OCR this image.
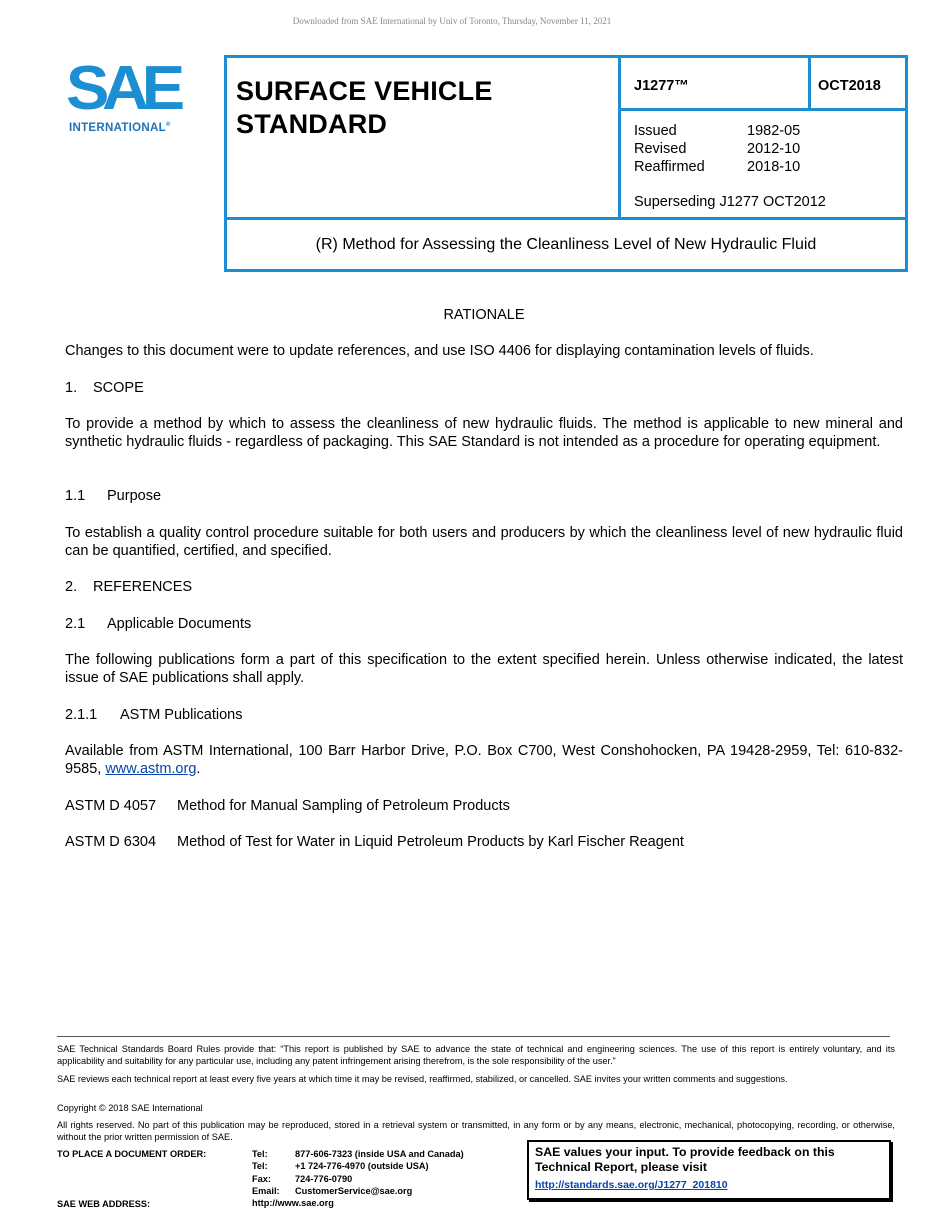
Downloaded from SAE International by Univ of Toronto, Thursday, November 11, 2021
SAE
INTERNATIONAL®
SURFACE VEHICLE
STANDARD
J1277™	OCT2018
Issued	1982-05
Revised	2012-10
Reaffirmed	2018-10
Superseding J1277 OCT2012
(R) Method for Assessing the Cleanliness Level of New Hydraulic Fluid

RATIONALE

Changes to this document were to update references, and use ISO 4406 for displaying contamination levels of fluids.

1. SCOPE

To provide a method by which to assess the cleanliness of new hydraulic fluids. The method is applicable to new mineral and synthetic hydraulic fluids - regardless of packaging. This SAE Standard is not intended as a procedure for operating equipment.

1.1 Purpose

To establish a quality control procedure suitable for both users and producers by which the cleanliness level of new hydraulic fluid can be quantified, certified, and specified.

2. REFERENCES

2.1 Applicable Documents

The following publications form a part of this specification to the extent specified herein. Unless otherwise indicated, the latest issue of SAE publications shall apply.

2.1.1 ASTM Publications

Available from ASTM International, 100 Barr Harbor Drive, P.O. Box C700, West Conshohocken, PA 19428-2959, Tel: 610-832-9585, www.astm.org.

ASTM D 4057 Method for Manual Sampling of Petroleum Products

ASTM D 6304 Method of Test for Water in Liquid Petroleum Products by Karl Fischer Reagent

SAE Technical Standards Board Rules provide that: “This report is published by SAE to advance the state of technical and engineering sciences. The use of this report is entirely voluntary, and its applicability and suitability for any particular use, including any patent infringement arising therefrom, is the sole responsibility of the user.”
SAE reviews each technical report at least every five years at which time it may be revised, reaffirmed, stabilized, or cancelled. SAE invites your written comments and suggestions.
Copyright © 2018 SAE International
All rights reserved. No part of this publication may be reproduced, stored in a retrieval system or transmitted, in any form or by any means, electronic, mechanical, photocopying, recording, or otherwise, without the prior written permission of SAE.
TO PLACE A DOCUMENT ORDER:
SAE WEB ADDRESS:
Tel:	877-606-7323 (inside USA and Canada)
Tel:	+1 724-776-4970 (outside USA)
Fax:	724-776-0790
Email:	CustomerService@sae.org
http://www.sae.org
SAE values your input. To provide feedback on this Technical Report, please visit
http://standards.sae.org/J1277_201810
